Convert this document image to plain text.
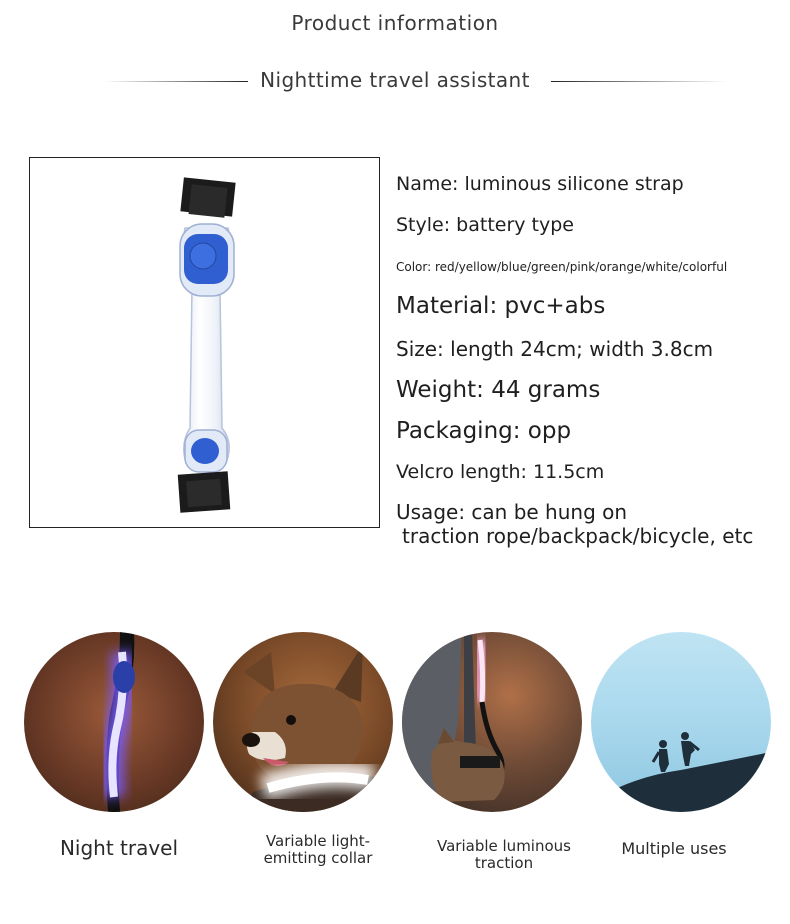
Product information
Nighttime travel assistant
Name: luminous silicone strap
Style: battery type
Color: red/yellow/blue/green/pink/orange/white/colorful
Material: pvc+abs
Size: length 24cm; width 3.8cm
Weight: 44 grams
Packaging: opp
Velcro length: 11.5cm
Usage: can be hung on
traction rope/backpack/bicycle, etc
Night travel	Variable light-
emitting collar
Variable luminous
traction
Multiple uses
